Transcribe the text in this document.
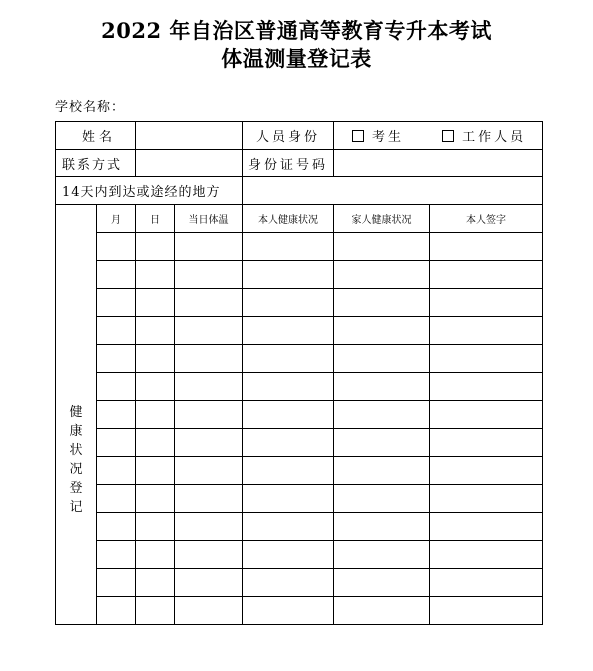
2022 年自治区普通高等教育专升本考试
体温测量登记表
学校名称：
姓名				人员身份	考生 工作人员	
联系方式				身份证号码		
14天内到达或途经的地方						
健康状况登记	月	日	当日体温	本人健康状况	家人健康状况	本人签字
